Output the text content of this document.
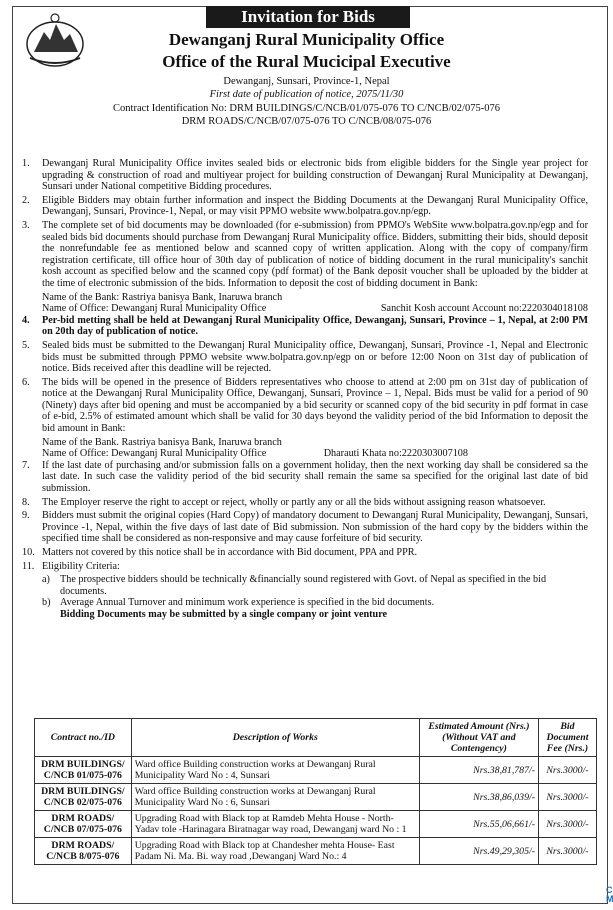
Invitation for Bids
Dewanganj Rural Municipality Office
Office of the Rural Mucicipal Executive
Dewanganj, Sunsari, Province-1, Nepal
First date of publication of notice, 2075/11/30
Contract Identification No: DRM BUILDINGS/C/NCB/01/075-076 TO C/NCB/02/075-076
DRM ROADS/C/NCB/07/075-076 TO C/NCB/08/075-076
1.	Dewanganj Rural Municipality Office invites sealed bids or electronic bids from eligible bidders for the Single year project for upgrading & construction of road and multiyear project for building construction of Dewanganj Rural Municipality at Dewanganj, Sunsari under National competitive Bidding procedures.
2.	Eligible Bidders may obtain further information and inspect the Bidding Documents at the Dewanganj Rural Municipality Office, Dewanganj, Sunsari, Province-1, Nepal, or may visit PPMO website www.bolpatra.gov.np/egp.
3.	The complete set of bid documents may be downloaded (for e-submission) from PPMO's WebSite www.bolpatra.gov.np/egp and for sealed bids bid documents should purchase from Dewanganj Rural Municipality office. Bidders, submitting their bids, should deposit the nonrefundable fee as mentioned below and scanned copy of written application. Along with the copy of company/firm registration certificate, till office hour of 30th day of publication of notice of bidding document in the rural municipality's sanchit kosh account as specified below and the scanned copy (pdf format) of the Bank deposit voucher shall be uploaded by the bidder at the time of electronic submission of the bids. Information to deposit the cost of bidding document in Bank:
Name of the Bank: Rastriya banisya Bank, Inaruwa branch
Name of Office: Dewanganj Rural Municipality Office	Sanchit Kosh account Account no:2220304018108
4.	Per-bid metting shall be held at Dewanganj Rural Municipality Office, Dewanganj, Sunsari, Province – 1, Nepal, at 2:00 PM on 20th day of publication of notice.
5.	Sealed bids must be submitted to the Dewanganj Rural Municipality office, Dewanganj, Sunsari, Province -1, Nepal and Electronic bids must be submitted through PPMO website www.bolpatra.gov.np/egp on or before 12:00 Noon on 31st day of publication of notice. Bids received after this deadline will be rejected.
6.	The bids will be opened in the presence of Bidders representatives who choose to attend at 2:00 pm on 31st day of publication of notice at the Dewanganj Rural Municipality Office, Dewanganj, Sunsari, Province – 1, Nepal. Bids must be valid for a period of 90 (Ninety) days after bid opening and must be accompanied by a bid security or scanned copy of the bid security in pdf format in case of e-bid, 2.5% of estimated amount which shall be valid for 30 days beyond the validity period of the bid Information to deposit the bid amount in Bank:
Name of the Bank. Rastriya banisya Bank, Inaruwa branch
Name of Office: Dewanganj Rural Municipality Office	Dharauti Khata no:2220303007108
7.	If the last date of purchasing and/or submission falls on a government holiday, then the next working day shall be considered sa the last date. In such case the validity period of the bid security shall remain the same sa specified for the original last date of bid submission.
8.	The Employer reserve the right to accept or reject, wholly or partly any or all the bids without assigning reason whatsoever.
9.	Bidders must submit the original copies (Hard Copy) of mandatory document to Dewanganj Rural Municipality, Dewanganj, Sunsari, Province -1, Nepal, within the five days of last date of Bid submission. Non submission of the hard copy by the bidders within the specified time shall be considered as non-responsive and may cause forfeiture of bid security.
10. Matters not covered by this notice shall be in accordance with Bid document, PPA and PPR.
11. Eligibility Criteria:
a) The prospective bidders should be technically &financially sound registered with Govt. of Nepal as specified in the bid documents.
b) Average Annual Turnover and minimum work experience is specified in the bid documents.
Bidding Documents may be submitted by a single company or joint venture
Contract no./ID	Description of Works	Estimated Amount (Nrs.) (Without VAT and Contengency)	Bid Document Fee (Nrs.)
DRM BUILDINGS/ C/NCB 01/075-076	Ward office Building construction works at Dewanganj Rural Municipality Ward No : 4, Sunsari	Nrs.38,81,787/-	Nrs.3000/-
DRM BUILDINGS/ C/NCB 02/075-076	Ward office Building construction works at Dewanganj Rural Municipality Ward No : 6, Sunsari	Nrs.38,86,039/-	Nrs.3000/-
DRM ROADS/ C/NCB 07/075-076	Upgrading Road with Black top at Ramdeb Mehta House - North- Yadav tole -Harinagara Biratnagar way road, Dewanganj ward No : 1	Nrs.55,06,661/-	Nrs.3000/-
DRM ROADS/ C/NCB 8/075-076	Upgrading Road with Black top at Chandesher mehta House- East Padam Ni. Ma. Bi. way road ,Dewanganj Ward No.: 4	Nrs.49,29,305/-	Nrs.3000/-
C
M
